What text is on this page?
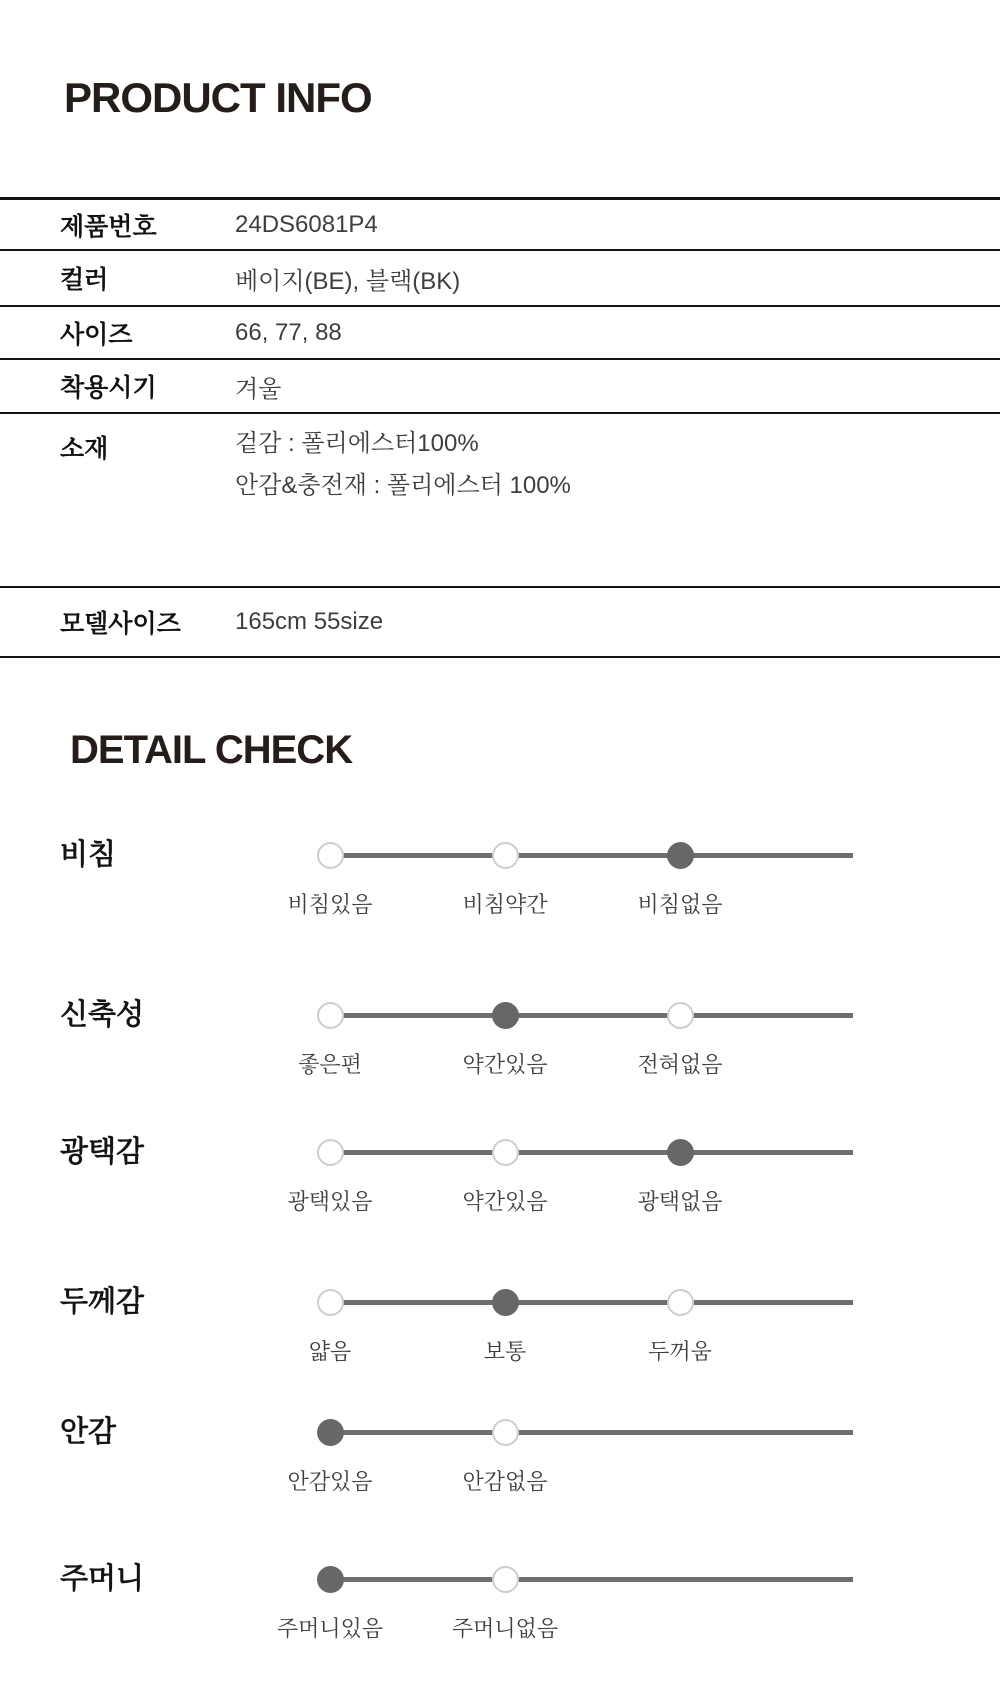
PRODUCT INFO
제품번호	24DS6081P4
컬러	베이지(BE), 블랙(BK)
사이즈	66, 77, 88
착용시기	겨울
소재	겉감 : 폴리에스터100%
안감&충전재 : 폴리에스터 100%
모델사이즈	165cm 55size
DETAIL CHECK
비침
비침있음	비침약간	비침없음
신축성
좋은편	약간있음	전혀없음
광택감
광택있음	약간있음	광택없음
두께감
얇음	보통	두꺼움
안감
안감있음	안감없음
주머니
주머니있음	주머니없음
